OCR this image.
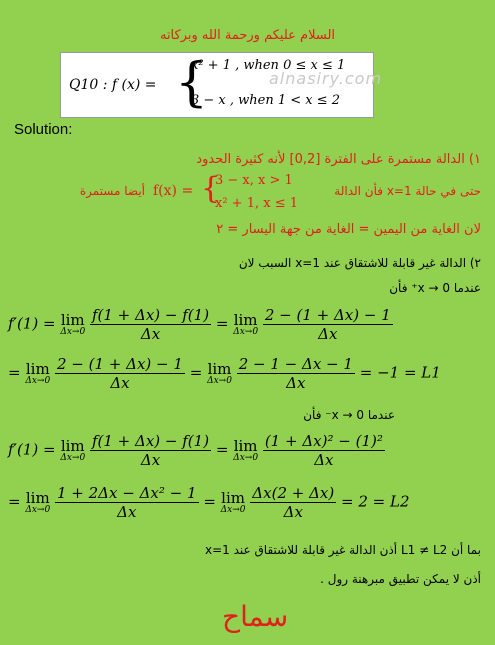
السلام عليكم ورحمة الله وبركاته
Q10 : f (x) = {
x² + 1 , when 0 ≤ x ≤ 1
alnasiry.com
3 − x , when 1 < x ≤ 2
Solution:
١) الدالة مستمرة على الفترة [0,2] لأنه كثيرة الحدود
حتى في حالة x=1 فأن الدالة
f(x) = {
3 − x, x > 1
x² + 1, x ≤ 1
أيضا مستمرة
لان الغاية من اليمين = الغاية من جهة اليسار = ٢
٢) الدالة غير قابلة للاشتقاق عند x=1 السبب لان
عندما x → 0⁺ فأن
f′(1) = lim
Δx→0
$\frac{f(1 + \Delta x) - f(1)}{\Delta x} = \lim$
Δx→0
$\frac{2 - (1 + \Delta x) - 1}{\Delta x}$
= lim
Δx→0
$\frac{2 - (1 + \Delta x) - 1}{\Delta x} = \lim$
Δx→0
$\frac{2 - 1 - \Delta x - 1}{\Delta x} = -1 = L1$
عندما x → 0⁻ فأن
f′(1) = lim
Δx→0
$\frac{f(1 + \Delta x) - f(1)}{\Delta x} = \lim$
Δx→0
$\frac{\text{(1 + Δx)² − (1)²}}{\Delta x}$
= lim
Δx→0
$\frac{\text{1 + 2Δx − Δx² − 1}}{\Delta x} = \lim$
Δx→0
$\frac{\Delta x(2 + \Delta x)}{\Delta x} = 2 = L2$
بما أن L1 ≠ L2 أذن الدالة غير قابلة للاشتقاق عند x=1
أذن لا يمكن تطبيق مبرهنة رول .
سماح
